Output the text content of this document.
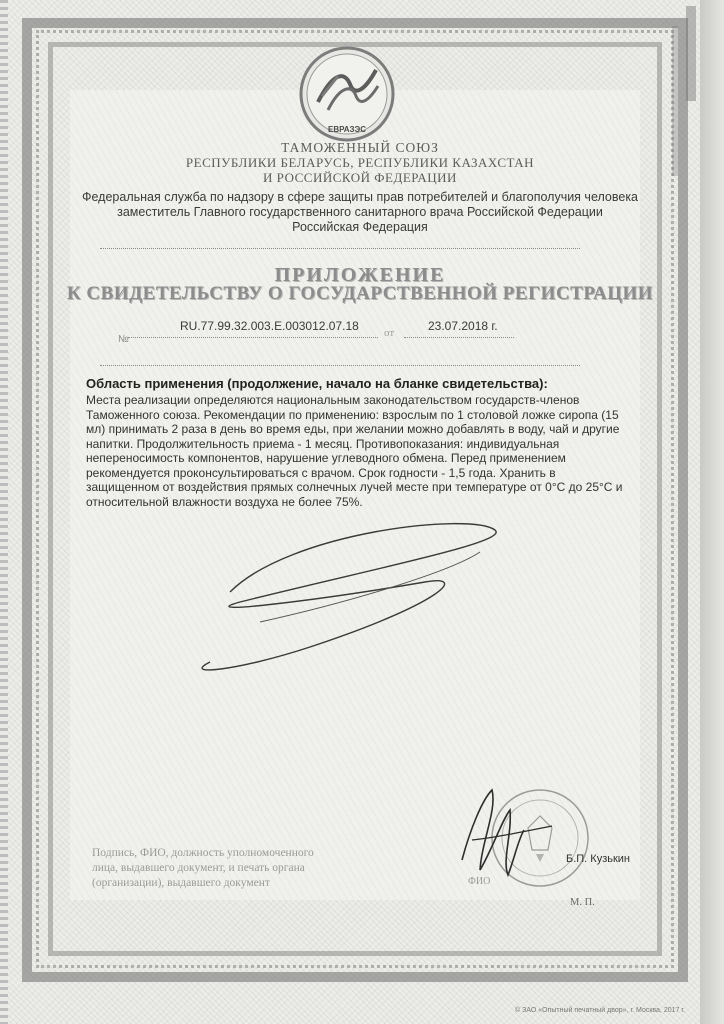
ЕВРАЗЭС
ТАМОЖЕННЫЙ СОЮЗ
РЕСПУБЛИКИ БЕЛАРУСЬ, РЕСПУБЛИКИ КАЗАХСТАН
И РОССИЙСКОЙ ФЕДЕРАЦИИ
Федеральная служба по надзору в сфере защиты прав потребителей и благополучия человека
заместитель Главного государственного санитарного врача Российской Федерации
Российская Федерация
ПРИЛОЖЕНИЕ
К СВИДЕТЕЛЬСТВУ О ГОСУДАРСТВЕННОЙ РЕГИСТРАЦИИ
№
RU.77.99.32.003.E.003012.07.18 от	23.07.2018 г.

Область применения (продолжение, начало на бланке свидетельства):

Места реализации определяются национальным законодательством государств-членов Таможенного союза. Рекомендации по применению: взрослым по 1 столовой ложке сиропа (15 мл) принимать 2 раза в день во время еды, при желании можно добавлять в воду, чай и другие напитки. Продолжительность приема - 1 месяц. Противопоказания: индивидуальная непереносимость компонентов, нарушение углеводного обмена. Перед применением рекомендуется проконсультироваться с врачом. Срок годности - 1,5 года. Хранить в защищенном от воздействия прямых солнечных лучей месте при температуре от 0°С до 25°С и относительной влажности воздуха не более 75%.

Подпись, ФИО, должность уполномоченного
лица, выдавшего документ, и печать органа
(организации), выдавшего документ	ФИО
Б.П. Кузькин
М. П.
© ЗАО «Опытный печатный двор», г. Москва, 2017 г.
